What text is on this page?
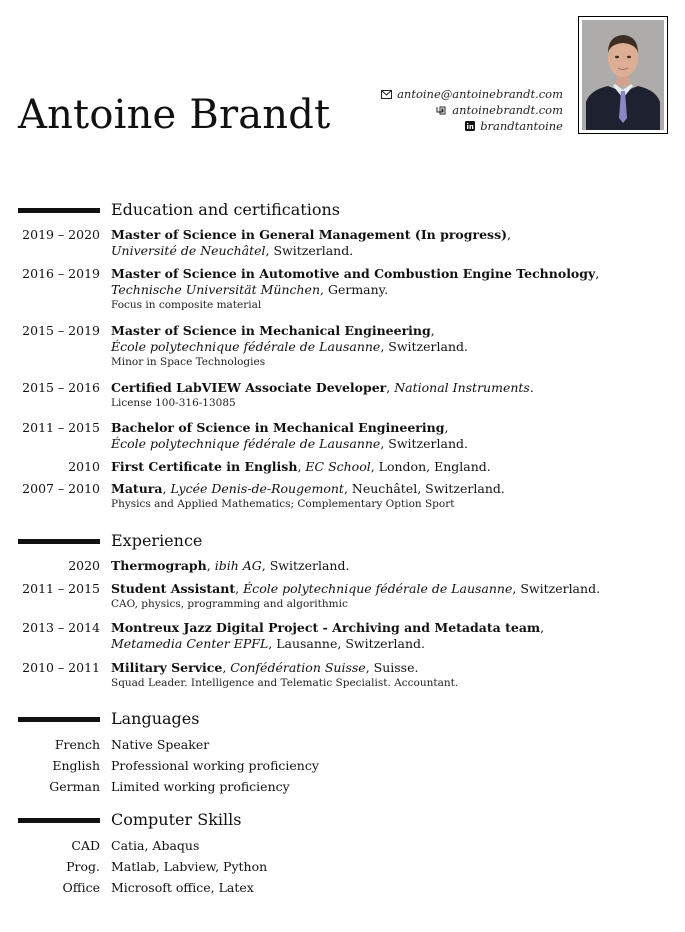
Antoine Brandt	antoine@antoinebrandt.com
antoinebrandt.com
brandtantoine
Education and certifications
2019 – 2020 Master of Science in General Management (In progress),
Université de Neuchâtel, Switzerland.
2016 – 2019 Master of Science in Automotive and Combustion Engine Technology,
Technische Universität München, Germany.
Focus in composite material
2015 – 2019 Master of Science in Mechanical Engineering,
École polytechnique fédérale de Lausanne, Switzerland.
Minor in Space Technologies
2015 – 2016 Certified LabVIEW Associate Developer, National Instruments.
License 100-316-13085
2011 – 2015 Bachelor of Science in Mechanical Engineering,
École polytechnique fédérale de Lausanne, Switzerland.
2010 First Certificate in English, EC School, London, England.
2007 – 2010 Matura, Lycée Denis-de-Rougemont, Neuchâtel, Switzerland.
Physics and Applied Mathematics; Complementary Option Sport
Experience
2020 Thermograph, ibih AG, Switzerland.
2011 – 2015 Student Assistant, École polytechnique fédérale de Lausanne, Switzerland.
CAO, physics, programming and algorithmic
2013 – 2014 Montreux Jazz Digital Project - Archiving and Metadata team,
Metamedia Center EPFL, Lausanne, Switzerland.
2010 – 2011 Military Service, Confédération Suisse, Suisse.
Squad Leader. Intelligence and Telematic Specialist. Accountant.
Languages
French Native Speaker
English Professional working proficiency
German Limited working proficiency
Computer Skills
CAD Catia, Abaqus
Prog. Matlab, Labview, Python
Office Microsoft office, Latex
